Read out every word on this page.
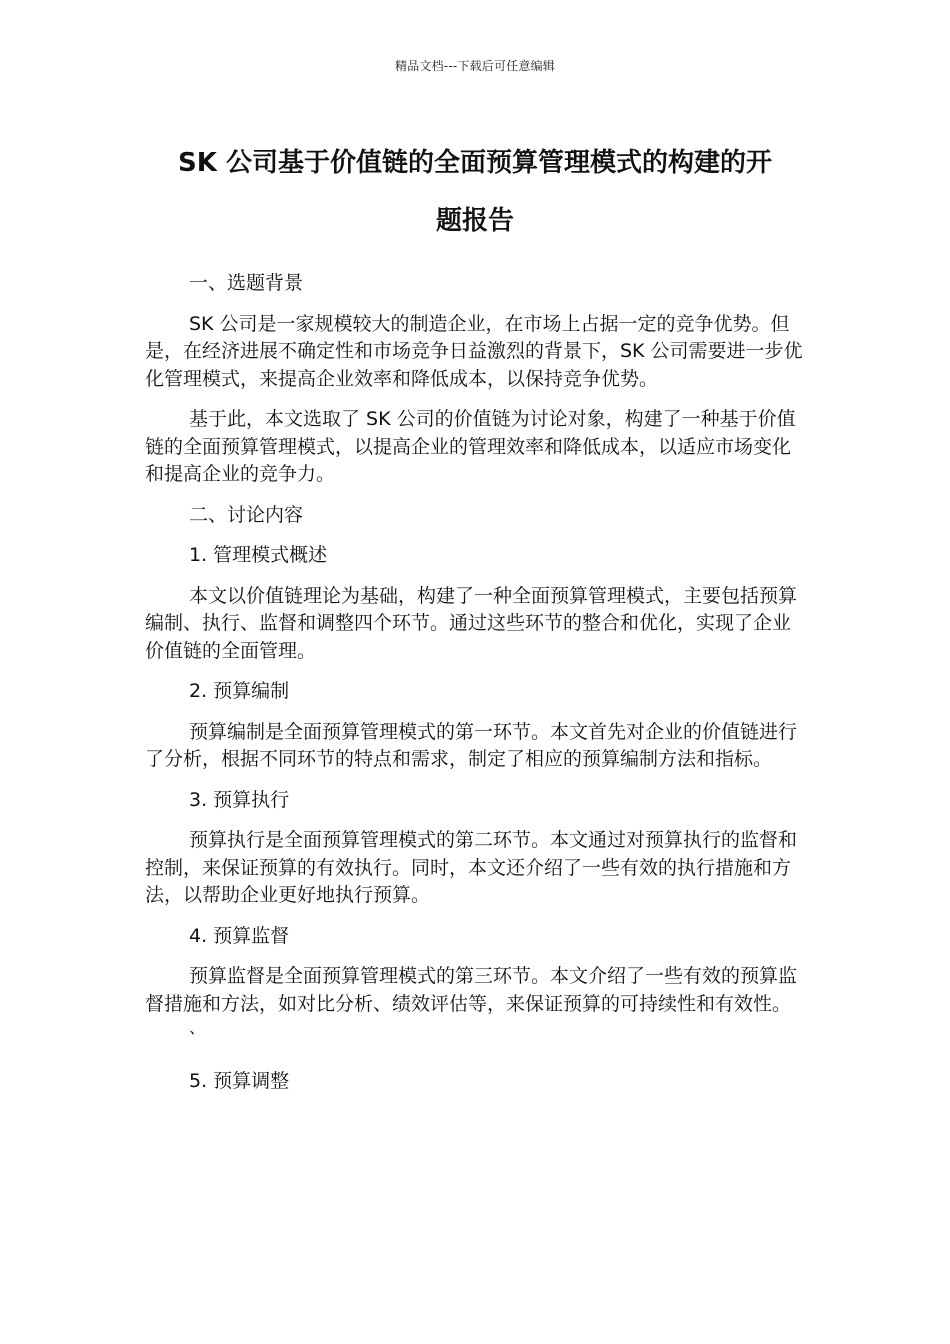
精品文档---下载后可任意编辑
SK 公司基于价值链的全面预算管理模式的构建的开
题报告

一、选题背景

SK 公司是一家规模较大的制造企业，在市场上占据一定的竞争优势。但是，在经济进展不确定性和市场竞争日益激烈的背景下，SK 公司需要进一步优化管理模式，来提高企业效率和降低成本，以保持竞争优势。

基于此，本文选取了 SK 公司的价值链为讨论对象，构建了一种基于价值链的全面预算管理模式，以提高企业的管理效率和降低成本，以适应市场变化和提高企业的竞争力。

二、讨论内容

1. 管理模式概述

本文以价值链理论为基础，构建了一种全面预算管理模式，主要包括预算编制、执行、监督和调整四个环节。通过这些环节的整合和优化，实现了企业价值链的全面管理。

2. 预算编制

预算编制是全面预算管理模式的第一环节。本文首先对企业的价值链进行了分析，根据不同环节的特点和需求，制定了相应的预算编制方法和指标。

3. 预算执行

预算执行是全面预算管理模式的第二环节。本文通过对预算执行的监督和控制，来保证预算的有效执行。同时，本文还介绍了一些有效的执行措施和方法，以帮助企业更好地执行预算。

4. 预算监督

预算监督是全面预算管理模式的第三环节。本文介绍了一些有效的预算监督措施和方法，如对比分析、绩效评估等，来保证预算的可持续性和有效性。

、

5. 预算调整
